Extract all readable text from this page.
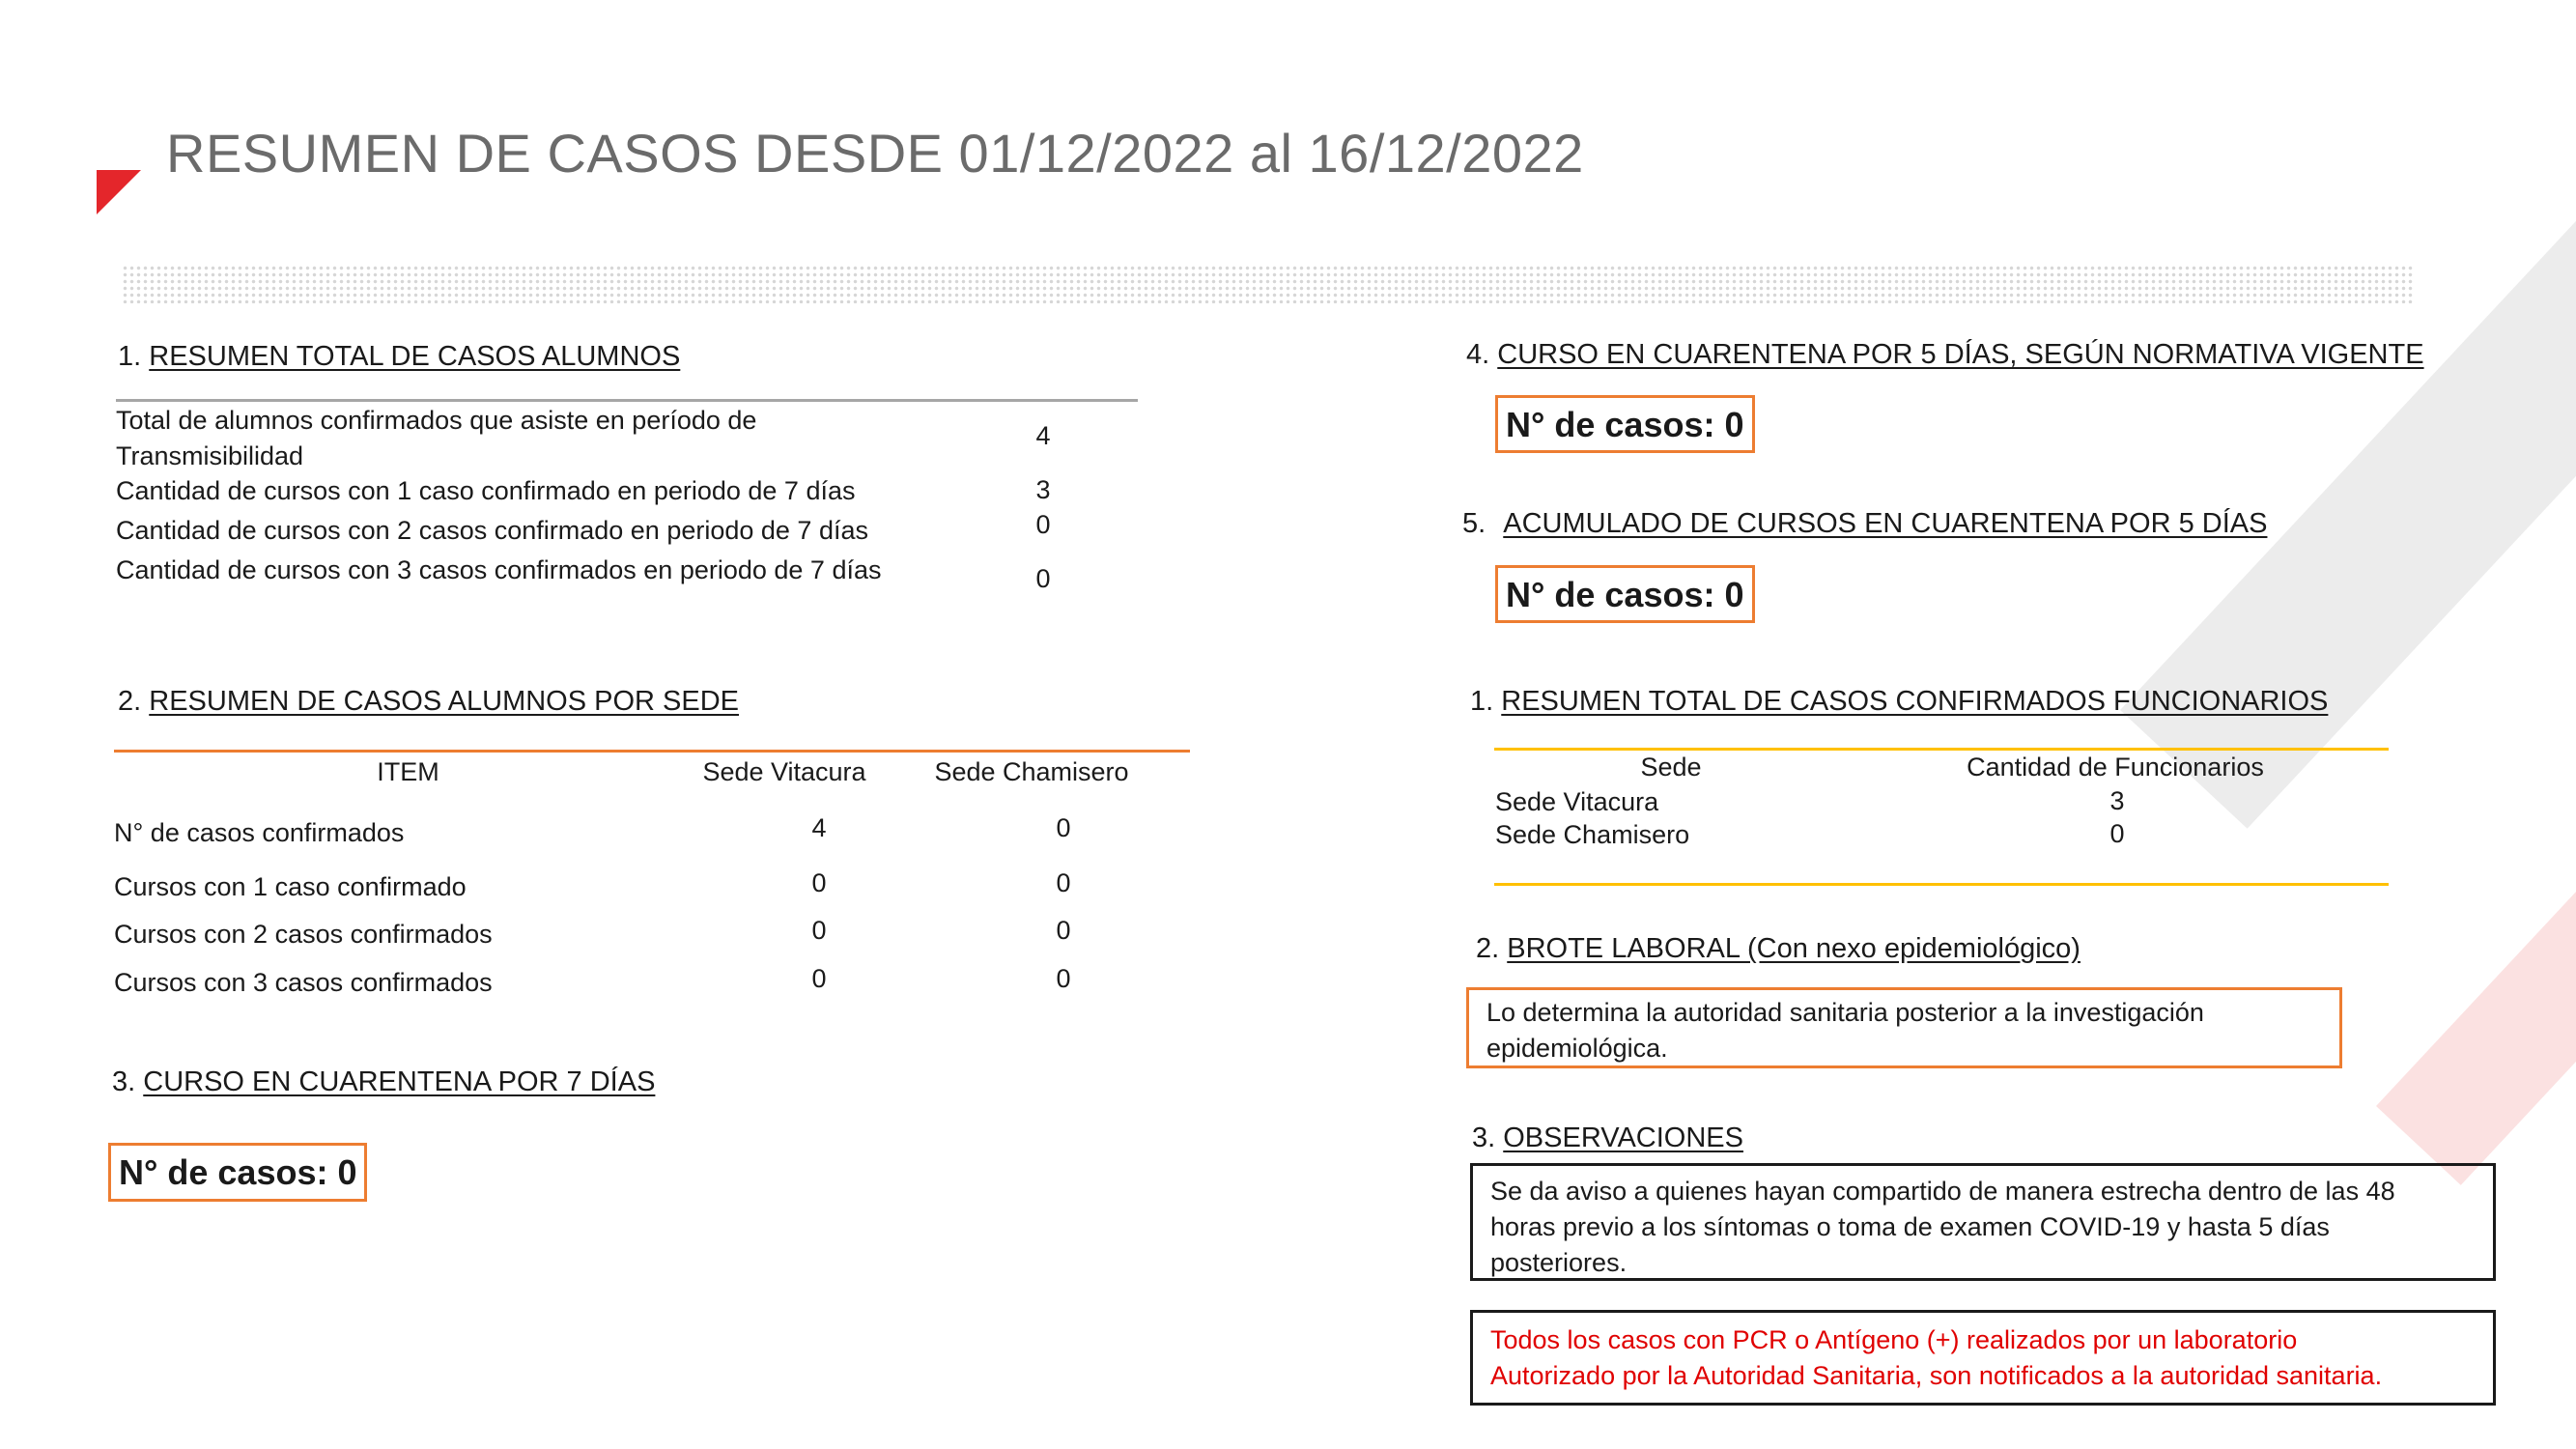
RESUMEN DE CASOS DESDE 01/12/2022 al 16/12/2022
1. RESUMEN TOTAL DE CASOS ALUMNOS
Total de alumnos confirmados que asiste en período de
Transmisibilidad
4
Cantidad de cursos con 1 caso confirmado en periodo de 7 días	3
Cantidad de cursos con 2 casos confirmado en periodo de 7 días	0
Cantidad de cursos con 3 casos confirmados en periodo de 7 días	0
2. RESUMEN DE CASOS ALUMNOS POR SEDE
ITEM	Sede Vitacura	Sede Chamisero
N° de casos confirmados	4	0
Cursos con 1 caso confirmado	0	0
Cursos con 2 casos confirmados	0	0
Cursos con 3 casos confirmados	0	0
3. CURSO EN CUARENTENA POR 7 DÍAS
N° de casos: 0
4. CURSO EN CUARENTENA POR 5 DÍAS, SEGÚN NORMATIVA VIGENTE
N° de casos: 0
5. ACUMULADO DE CURSOS EN CUARENTENA POR 5 DÍAS
N° de casos: 0
1. RESUMEN TOTAL DE CASOS CONFIRMADOS FUNCIONARIOS
Sede	Cantidad de Funcionarios
Sede Vitacura	3
Sede Chamisero	0
2. BROTE LABORAL (Con nexo epidemiológico)
Lo determina la autoridad sanitaria posterior a la investigación
epidemiológica.
3. OBSERVACIONES
Se da aviso a quienes hayan compartido de manera estrecha dentro de las 48
horas previo a los síntomas o toma de examen COVID-19 y hasta 5 días
posteriores.
Todos los casos con PCR o Antígeno (+) realizados por un laboratorio
Autorizado por la Autoridad Sanitaria, son notificados a la autoridad sanitaria.
